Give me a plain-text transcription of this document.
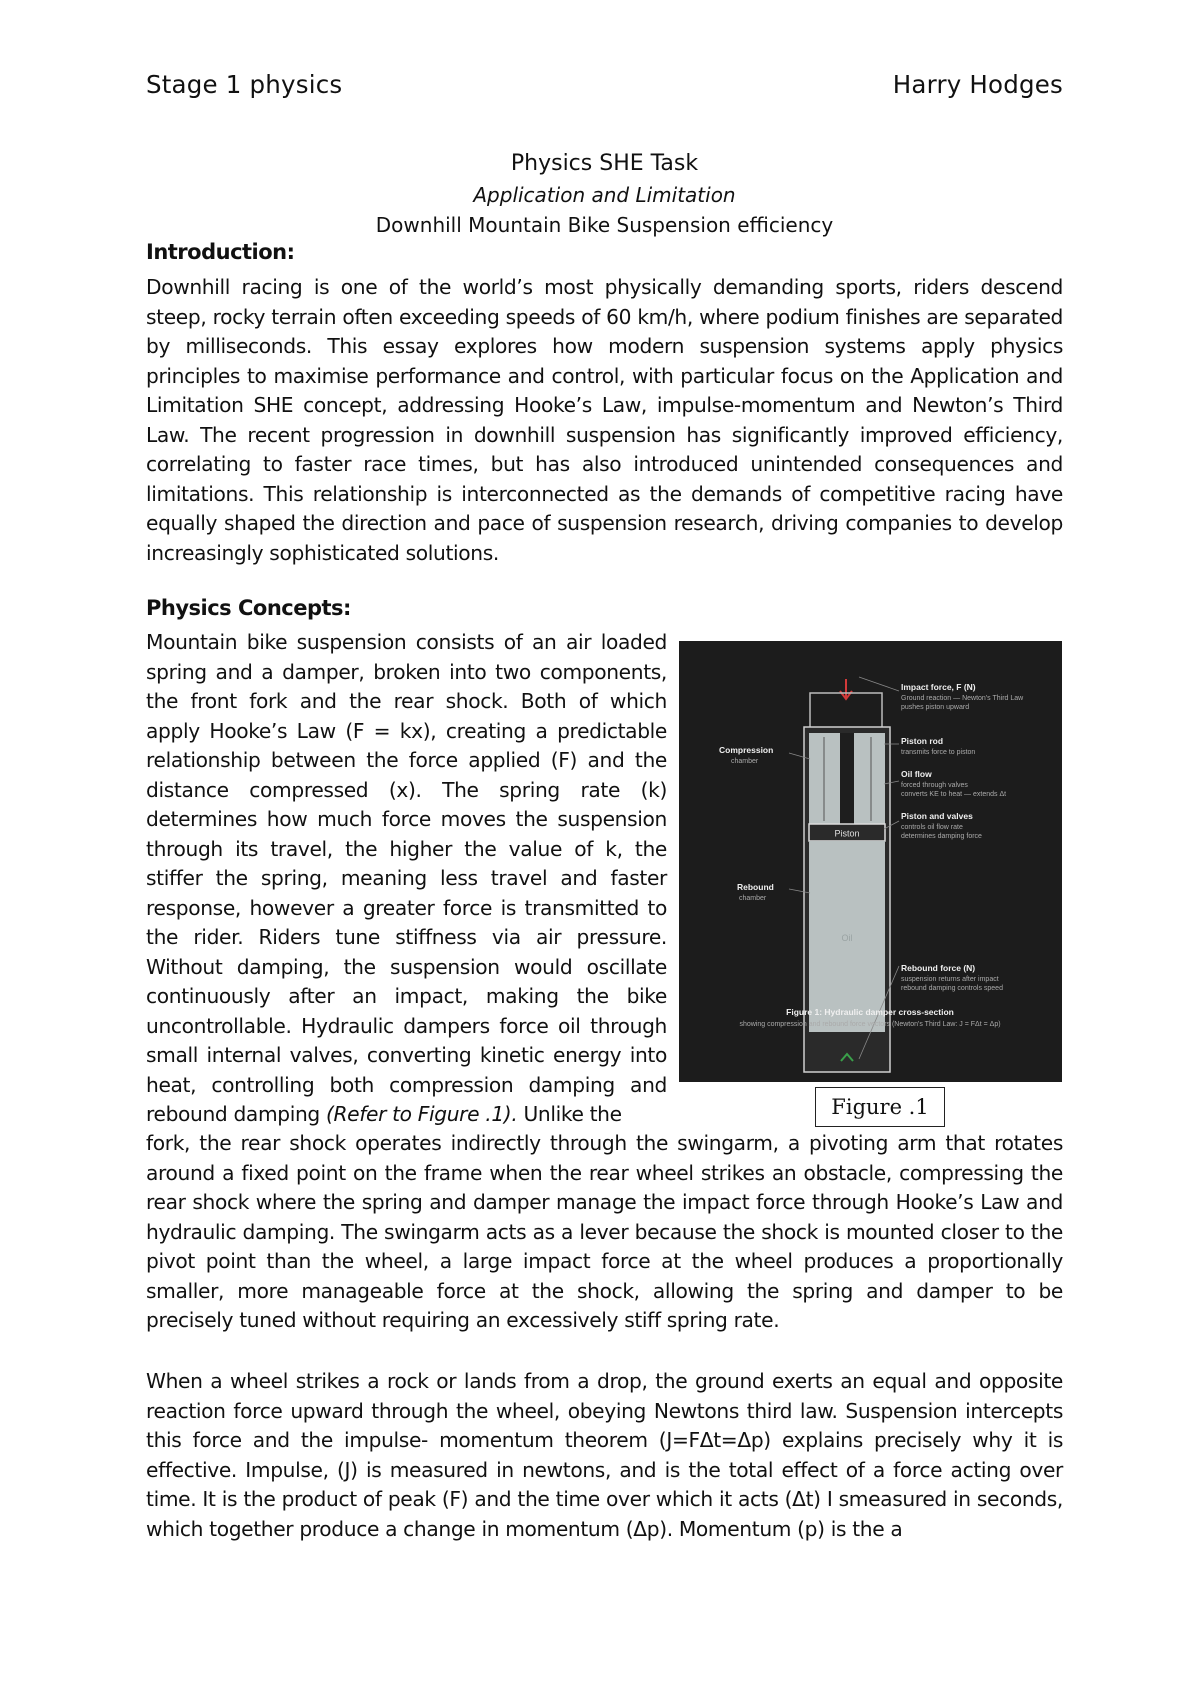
Stage 1 physics	Harry Hodges
Physics SHE Task
Application and Limitation
Downhill Mountain Bike Suspension efficiency
Introduction:

Downhill racing is one of the world’s most physically demanding sports, riders descend steep, rocky terrain often exceeding speeds of 60 km/h, where podium finishes are separated by milliseconds. This essay explores how modern suspension systems apply physics principles to maximise performance and control, with particular focus on the Application and Limitation SHE concept, addressing Hooke’s Law, impulse-momentum and Newton’s Third Law. The recent progression in downhill suspension has significantly improved efficiency, correlating to faster race times, but has also introduced unintended consequences and limitations. This relationship is interconnected as the demands of competitive racing have equally shaped the direction and pace of suspension research, driving companies to develop increasingly sophisticated solutions.

Physics Concepts:

Mountain bike suspension consists of an air loaded spring and a damper, broken into two components, the front fork and the rear shock. Both of which apply Hooke’s Law (F = kx), creating a predictable relationship between the force applied (F) and the distance compressed (x). The spring rate (k) determines how much force moves the suspension through its travel, the higher the value of k, the stiffer the spring, meaning less travel and faster response, however a greater force is transmitted to the rider. Riders tune stiffness via air pressure. Without damping, the suspension would oscillate continuously after an impact, making the bike uncontrollable. Hydraulic dampers force oil through small internal valves, converting kinetic energy into heat, controlling both compression damping and rebound damping (Refer to Figure .1). Unlike the

Piston
Oil
Impact force, F (N)
Ground reaction — Newton's Third Law
pushes piston upward
Piston rod
transmits force to piston
Oil flow
forced through valves
converts KE to heat — extends Δt
Piston and valves
controls oil flow rate
determines damping force
Rebound force (N)
suspension returns after impact
rebound damping controls speed
Compression
chamber
Rebound
chamber
Figure 1: Hydraulic damper cross-section
showing compression and rebound force vectors (Newton's Third Law: J = FΔt = Δp)
Figure .1

fork, the rear shock operates indirectly through the swingarm, a pivoting arm that rotates around a fixed point on the frame when the rear wheel strikes an obstacle, compressing the rear shock where the spring and damper manage the impact force through Hooke’s Law and hydraulic damping. The swingarm acts as a lever because the shock is mounted closer to the pivot point than the wheel, a large impact force at the wheel produces a proportionally smaller, more manageable force at the shock, allowing the spring and damper to be precisely tuned without requiring an excessively stiff spring rate.

When a wheel strikes a rock or lands from a drop, the ground exerts an equal and opposite reaction force upward through the wheel, obeying Newtons third law. Suspension intercepts this force and the impulse- momentum theorem (J=FΔt=Δp) explains precisely why it is effective. Impulse, (J) is measured in newtons, and is the total effect of a force acting over time. It is the product of peak (F) and the time over which it acts (Δt) I smeasured in seconds, which together produce a change in momentum (Δp). Momentum (p) is the a
